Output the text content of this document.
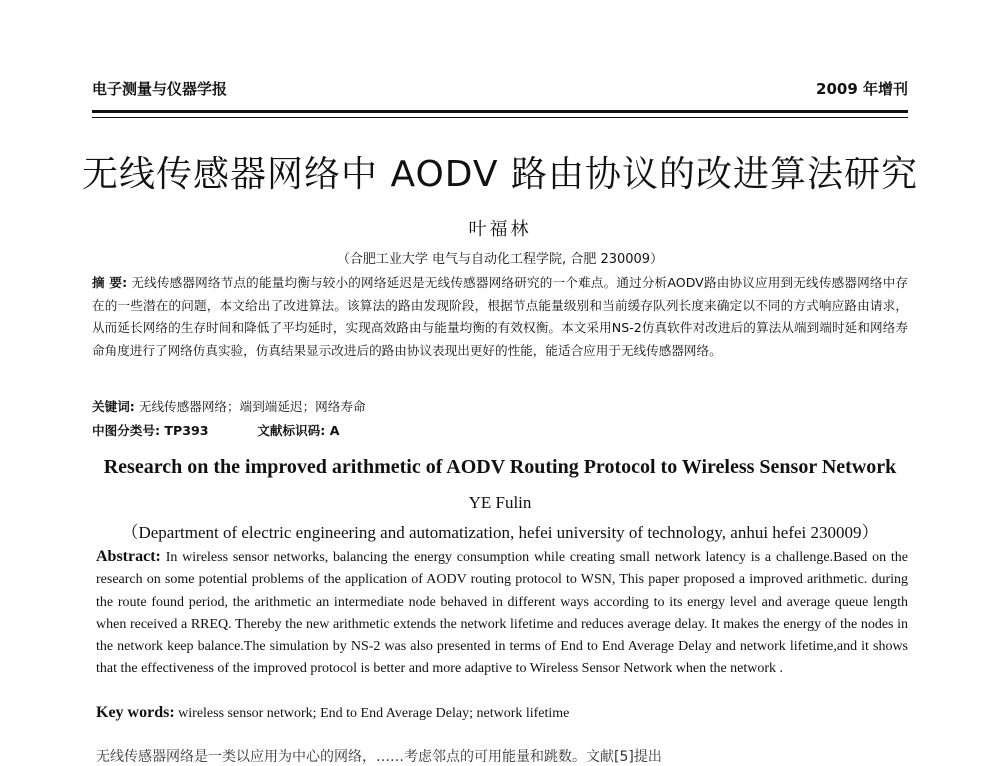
电子测量与仪器学报	2009 年增刊
无线传感器网络中 AODV 路由协议的改进算法研究
叶福林
（合肥工业大学 电气与自动化工程学院, 合肥 230009）
摘 要: 无线传感器网络节点的能量均衡与较小的网络延迟是无线传感器网络研究的一个难点。通过分析AODV路由协议应用到无线传感器网络中存在的一些潜在的问题，本文给出了改进算法。该算法的路由发现阶段，根据节点能量级别和当前缓存队列长度来确定以不同的方式响应路由请求，从而延长网络的生存时间和降低了平均延时，实现高效路由与能量均衡的有效权衡。本文采用NS-2仿真软件对改进后的算法从端到端时延和网络寿命角度进行了网络仿真实验，仿真结果显示改进后的路由协议表现出更好的性能，能适合应用于无线传感器网络。
关键词: 无线传感器网络；端到端延迟；网络寿命
中图分类号: TP393	文献标识码: A
Research on the improved arithmetic of AODV Routing Protocol to Wireless Sensor Network
YE Fulin
（Department of electric engineering and automatization, hefei university of technology, anhui hefei 230009）
Abstract: In wireless sensor networks, balancing the energy consumption while creating small network latency is a challenge.Based on the research on some potential problems of the application of AODV routing protocol to WSN, This paper proposed a improved arithmetic. during the route found period, the arithmetic an intermediate node behaved in different ways according to its energy level and average queue length when received a RREQ. Thereby the new arithmetic extends the network lifetime and reduces average delay. It makes the energy of the nodes in the network keep balance.The simulation by NS-2 was also presented in terms of End to End Average Delay and network lifetime,and it shows that the effectiveness of the improved protocol is better and more adaptive to Wireless Sensor Network when the network .
Key words: wireless sensor network; End to End Average Delay; network lifetime
无线传感器网络是一类以应用为中心的网络，……考虑邻点的可用能量和跳数。文献[5]提出
